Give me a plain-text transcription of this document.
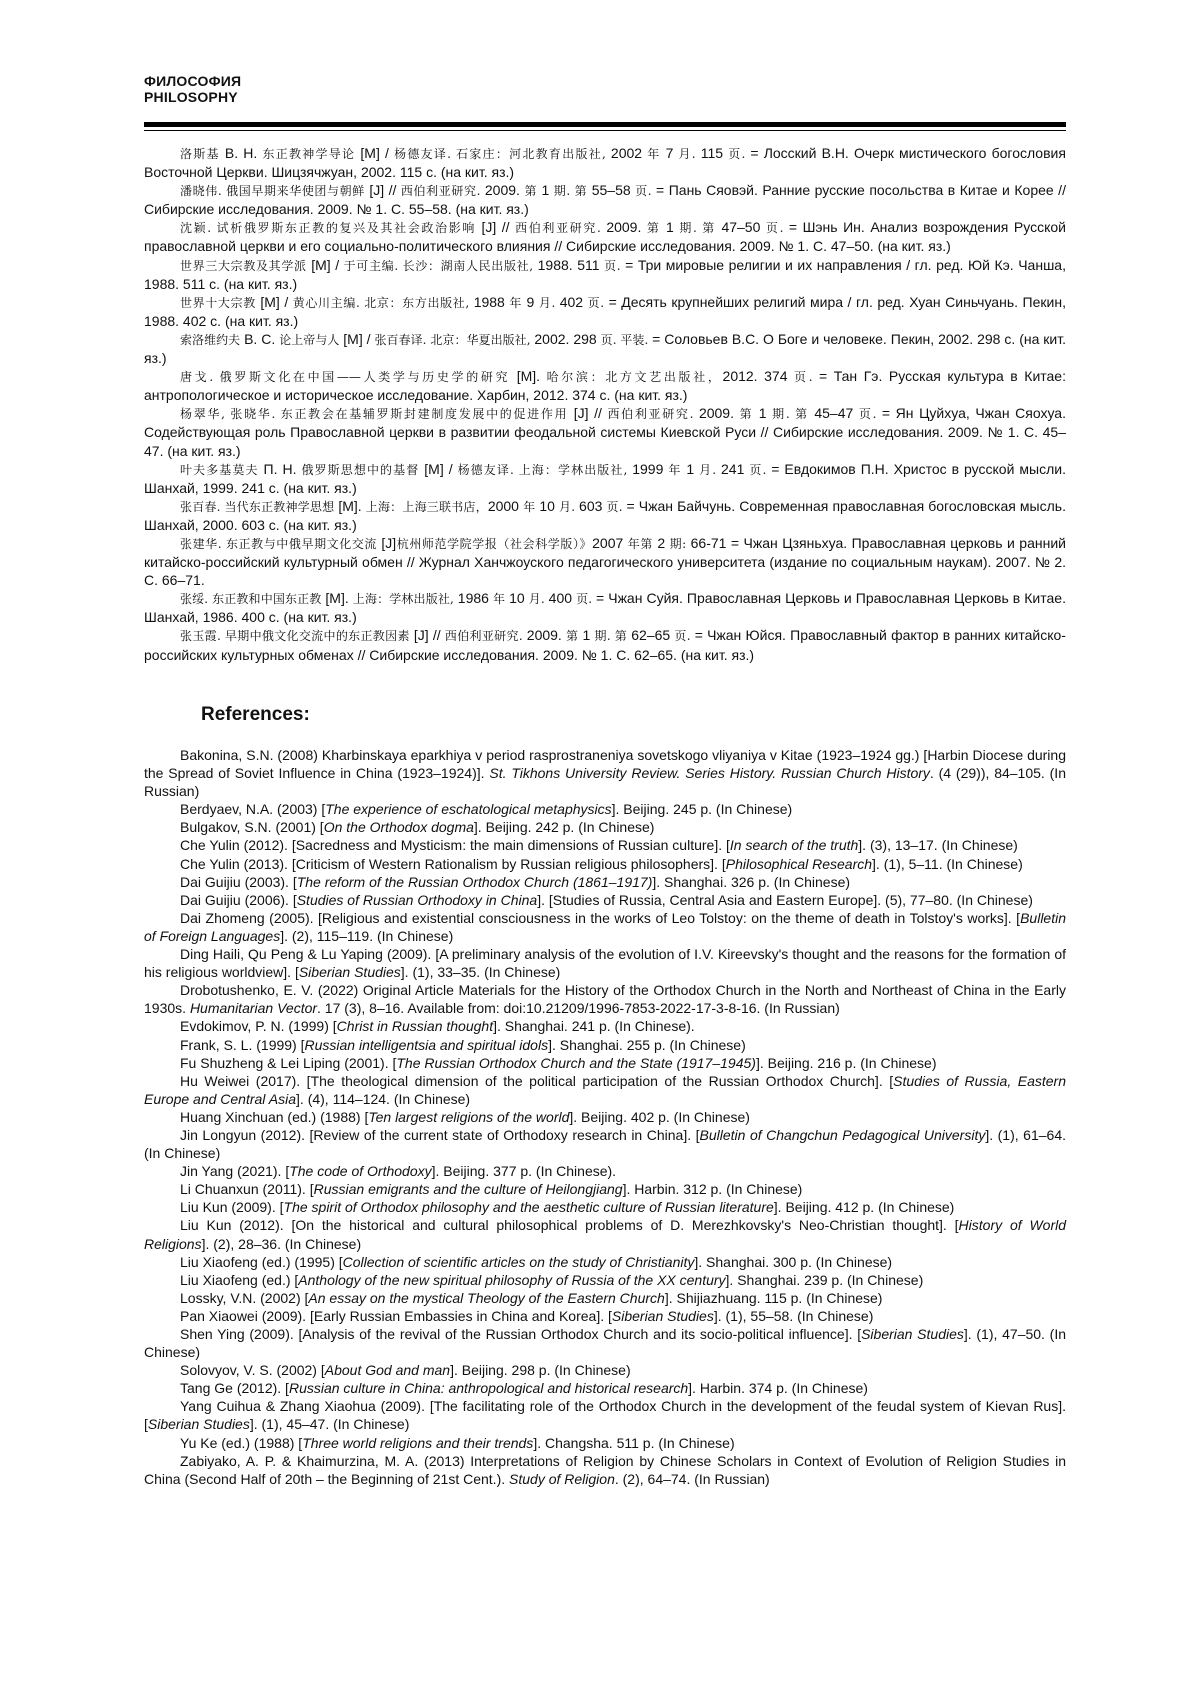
ФИЛОСОФИЯ
PHILOSOPHY

洛斯基 В. Н. 东正教神学导论 [М] / 杨德友译. 石家庄：河北教育出版社, 2002 年 7 月. 115 页. = Лосский В.Н. Очерк мистического богословия Восточной Церкви. Шицзячжуан, 2002. 115 с. (на кит. яз.)

潘晓伟. 俄国早期来华使团与朝鲜 [J] // 西伯利亚研究. 2009. 第 1 期. 第 55–58 页. = Пань Сяовэй. Ранние русские посольства в Китае и Корее // Сибирские исследования. 2009. № 1. С. 55–58. (на кит. яз.)

沈颖. 试析俄罗斯东正教的复兴及其社会政治影响 [J] // 西伯利亚研究. 2009. 第 1 期. 第 47–50 页. = Шэнь Ин. Анализ возрождения Русской православной церкви и его социально-политического влияния // Сибирские исследования. 2009. № 1. С. 47–50. (на кит. яз.)

世界三大宗教及其学派 [М] / 于可主编. 长沙：湖南人民出版社, 1988. 511 页. = Три мировые религии и их направления / гл. ред. Юй Кэ. Чанша, 1988. 511 с. (на кит. яз.)

世界十大宗教 [М] / 黄心川主编. 北京：东方出版社, 1988 年 9 月. 402 页. = Десять крупнейших религий мира / гл. ред. Хуан Синьчуань. Пекин, 1988. 402 с. (на кит. яз.)

索洛维约夫 В. С. 论上帝与人 [М] / 张百春译. 北京：华夏出版社, 2002. 298 页. 平装. = Соловьев В.С. О Боге и человеке. Пекин, 2002. 298 с. (на кит. яз.)

唐戈. 俄罗斯文化在中国——人类学与历史学的研究 [М]. 哈尔滨：北方文艺出版社，2012. 374 页. = Тан Гэ. Русская культура в Китае: антропологическое и историческое исследование. Харбин, 2012. 374 с. (на кит. яз.)

杨翠华, 张晓华. 东正教会在基辅罗斯封建制度发展中的促进作用 [J] // 西伯利亚研究. 2009. 第 1 期. 第 45–47 页. = Ян Цуйхуа, Чжан Сяохуа. Содействующая роль Православной церкви в развитии феодальной системы Киевской Руси // Сибирские исследования. 2009. № 1. С. 45–47. (на кит. яз.)

叶夫多基莫夫 П. Н. 俄罗斯思想中的基督 [М] / 杨德友译. 上海：学林出版社, 1999 年 1 月. 241 页. = Евдокимов П.Н. Христос в русской мысли. Шанхай, 1999. 241 с. (на кит. яз.)

张百春. 当代东正教神学思想 [М]. 上海：上海三联书店，2000 年 10 月. 603 页. = Чжан Байчунь. Современная православная богословская мысль. Шанхай, 2000. 603 с. (на кит. яз.)

张建华. 东正教与中俄早期文化交流 [J]杭州师范学院学报（社会科学版）》2007 年第 2 期: 66-71 = Чжан Цзяньхуа. Православная церковь и ранний китайско-российский культурный обмен // Журнал Ханчжоуского педагогического университета (издание по социальным наукам). 2007. № 2. С. 66–71.

张绥. 东正教和中国东正教 [М]. 上海：学林出版社, 1986 年 10 月. 400 页. = Чжан Суйя. Православная Церковь и Православная Церковь в Китае. Шанхай, 1986. 400 с. (на кит. яз.)

张玉霞. 早期中俄文化交流中的东正教因素 [J] // 西伯利亚研究. 2009. 第 1 期. 第 62–65 页. = Чжан Юйся. Православный фактор в ранних китайско-российских культурных обменах // Сибирские исследования. 2009. № 1. С. 62–65. (на кит. яз.)

References:

Bakonina, S.N. (2008) Kharbinskaya eparkhiya v period rasprostraneniya sovetskogo vliyaniya v Kitae (1923–1924 gg.) [Harbin Diocese during the Spread of Soviet Influence in China (1923–1924)]. St. Tikhons University Review. Series History. Russian Church History. (4 (29)), 84–105. (In Russian)

Berdyaev, N.A. (2003) [The experience of eschatological metaphysics]. Beijing. 245 p. (In Chinese)

Bulgakov, S.N. (2001) [On the Orthodox dogma]. Beijing. 242 p. (In Chinese)

Che Yulin (2012). [Sacredness and Mysticism: the main dimensions of Russian culture]. [In search of the truth]. (3), 13–17. (In Chinese)

Che Yulin (2013). [Criticism of Western Rationalism by Russian religious philosophers]. [Philosophical Research]. (1), 5–11. (In Chinese)

Dai Guijiu (2003). [The reform of the Russian Orthodox Church (1861–1917)]. Shanghai. 326 p. (In Chinese)

Dai Guijiu (2006). [Studies of Russian Orthodoxy in China]. [Studies of Russia, Central Asia and Eastern Europe]. (5), 77–80. (In Chinese)

Dai Zhomeng (2005). [Religious and existential consciousness in the works of Leo Tolstoy: on the theme of death in Tolstoy's works]. [Bulletin of Foreign Languages]. (2), 115–119. (In Chinese)

Ding Haili, Qu Peng & Lu Yaping (2009). [A preliminary analysis of the evolution of I.V. Kireevsky's thought and the reasons for the formation of his religious worldview]. [Siberian Studies]. (1), 33–35. (In Chinese)

Drobotushenko, E. V. (2022) Original Article Materials for the History of the Orthodox Church in the North and Northeast of China in the Early 1930s. Humanitarian Vector. 17 (3), 8–16. Available from: doi:10.21209/1996-7853-2022-17-3-8-16. (In Russian)

Evdokimov, P. N. (1999) [Christ in Russian thought]. Shanghai. 241 p. (In Chinese).

Frank, S. L. (1999) [Russian intelligentsia and spiritual idols]. Shanghai. 255 p. (In Chinese)

Fu Shuzheng & Lei Liping (2001). [The Russian Orthodox Church and the State (1917–1945)]. Beijing. 216 p. (In Chinese)

Hu Weiwei (2017). [The theological dimension of the political participation of the Russian Orthodox Church]. [Studies of Russia, Eastern Europe and Central Asia]. (4), 114–124. (In Chinese)

Huang Xinchuan (ed.) (1988) [Ten largest religions of the world]. Beijing. 402 p. (In Chinese)

Jin Longyun (2012). [Review of the current state of Orthodoxy research in China]. [Bulletin of Changchun Pedagogical University]. (1), 61–64. (In Chinese)

Jin Yang (2021). [The code of Orthodoxy]. Beijing. 377 p. (In Chinese).

Li Chuanxun (2011). [Russian emigrants and the culture of Heilongjiang]. Harbin. 312 p. (In Chinese)

Liu Kun (2009). [The spirit of Orthodox philosophy and the aesthetic culture of Russian literature]. Beijing. 412 p. (In Chinese)

Liu Kun (2012). [On the historical and cultural philosophical problems of D. Merezhkovsky's Neo-Christian thought]. [History of World Religions]. (2), 28–36. (In Chinese)

Liu Xiaofeng (ed.) (1995) [Collection of scientific articles on the study of Christianity]. Shanghai. 300 p. (In Chinese)

Liu Xiaofeng (ed.) [Anthology of the new spiritual philosophy of Russia of the XX century]. Shanghai. 239 p. (In Chinese)

Lossky, V.N. (2002) [An essay on the mystical Theology of the Eastern Church]. Shijiazhuang. 115 p. (In Chinese)

Pan Xiaowei (2009). [Early Russian Embassies in China and Korea]. [Siberian Studies]. (1), 55–58. (In Chinese)

Shen Ying (2009). [Analysis of the revival of the Russian Orthodox Church and its socio-political influence]. [Siberian Studies]. (1), 47–50. (In Chinese)

Solovyov, V. S. (2002) [About God and man]. Beijing. 298 p. (In Chinese)

Tang Ge (2012). [Russian culture in China: anthropological and historical research]. Harbin. 374 p. (In Chinese)

Yang Cuihua & Zhang Xiaohua (2009). [The facilitating role of the Orthodox Church in the development of the feudal system of Kievan Rus]. [Siberian Studies]. (1), 45–47. (In Chinese)

Yu Ke (ed.) (1988) [Three world religions and their trends]. Changsha. 511 p. (In Chinese)

Zabiyako, A. P. & Khaimurzina, M. A. (2013) Interpretations of Religion by Chinese Scholars in Context of Evolution of Religion Studies in China (Second Half of 20th – the Beginning of 21st Cent.). Study of Religion. (2), 64–74. (In Russian)
